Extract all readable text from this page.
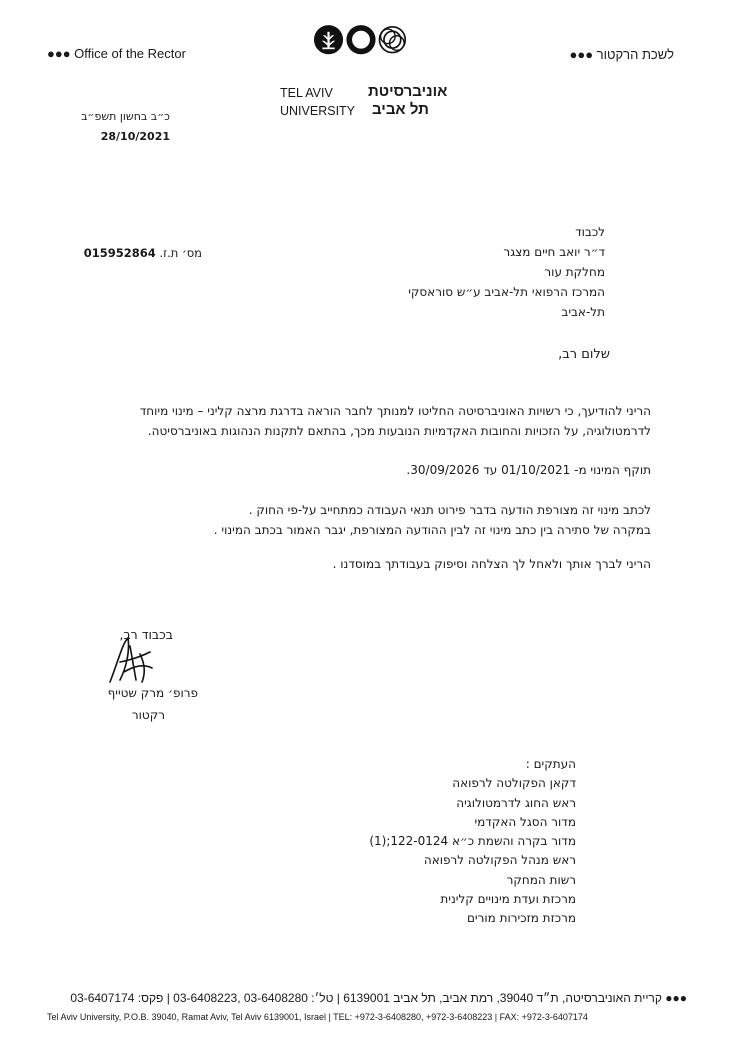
●●● Office of the Rector	לשכת הרקטור ●●●
אוניברסיטת
TEL AVIV
תל אביב
UNIVERSITY
כ״ב בחשון תשפ״ב
28/10/2021
לכבוד
ד״ר יואב חיים מצגר
מחלקת עור
המרכז הרפואי תל-אביב ע״ש סוראסקי
תל-אביב
מס׳ ת.ז. 015952864
שלום רב,
הריני להודיעך, כי רשויות האוניברסיטה החליטו למנותך לחבר הוראה בדרגת מרצה קליני – מינוי מיוחד
לדרמטולוגיה, על הזכויות והחובות האקדמיות הנובעות מכך, בהתאם לתקנות הנהוגות באוניברסיטה.
תוקף המינוי מ- 01/10/2021 עד 30/09/2026.
לכתב מינוי זה מצורפת הודעה בדבר פירוט תנאי העבודה כמתחייב על-פי החוק .
במקרה של סתירה בין כתב מינוי זה לבין ההודעה המצורפת, יגבר האמור בכתב המינוי .
הריני לברך אותך ולאחל לך הצלחה וסיפוק בעבודתך במוסדנו .
בכבוד רב,
פרופ׳ מרק שטייף
רקטור
העתקים :
דקאן הפקולטה לרפואה
ראש החוג לדרמטולוגיה
מדור הסגל האקדמי
מדור בקרה והשמת כ״א 122-0124;(1)
ראש מנהל הפקולטה לרפואה
רשות המחקר
מרכזת ועדת מינויים קלינית
מרכזת מזכירות מורים
●●● קריית האוניברסיטה, ת״ד 39040, רמת אביב, תל אביב 6139001 | טל׳: 03-6408280 ,03-6408223 | פקס: 03-6407174
Tel Aviv University, P.O.B. 39040, Ramat Aviv, Tel Aviv 6139001, Israel | TEL: +972-3-6408280, +972-3-6408223 | FAX: +972-3-6407174
